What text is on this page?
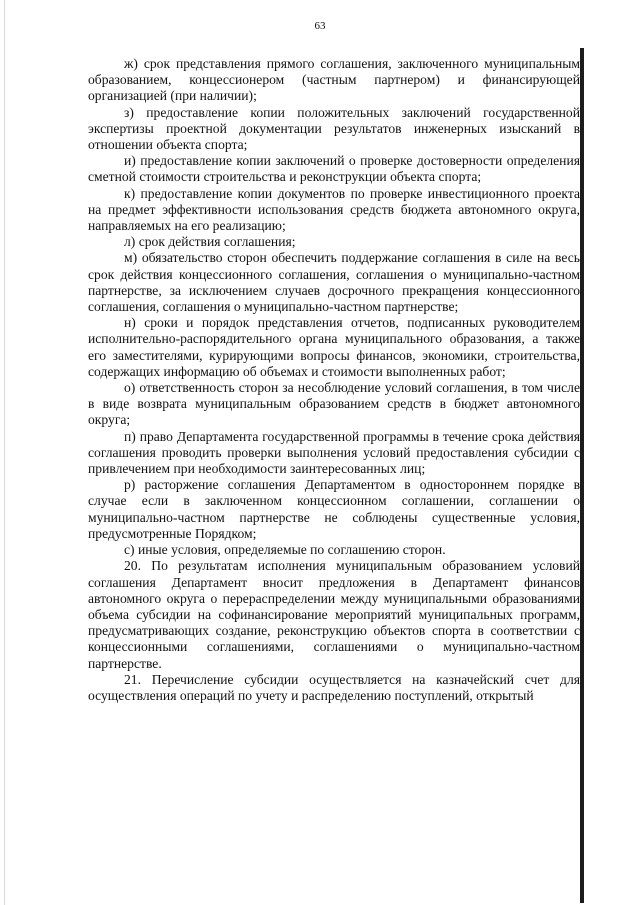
63

ж) срок представления прямого соглашения, заключенного муниципальным образованием, концессионером (частным партнером) и финансирующей организацией (при наличии);

з) предоставление копии положительных заключений государственной экспертизы проектной документации результатов инженерных изысканий в отношении объекта спорта;

и) предоставление копии заключений о проверке достоверности определения сметной стоимости строительства и реконструкции объекта спорта;

к) предоставление копии документов по проверке инвестиционного проекта на предмет эффективности использования средств бюджета автономного округа, направляемых на его реализацию;

л) срок действия соглашения;

м) обязательство сторон обеспечить поддержание соглашения в силе на весь срок действия концессионного соглашения, соглашения о муниципально-частном партнерстве, за исключением случаев досрочного прекращения концессионного соглашения, соглашения о муниципально-частном партнерстве;

н) сроки и порядок представления отчетов, подписанных руководителем исполнительно-распорядительного органа муниципального образования, а также его заместителями, курирующими вопросы финансов, экономики, строительства, содержащих информацию об объемах и стоимости выполненных работ;

о) ответственность сторон за несоблюдение условий соглашения, в том числе в виде возврата муниципальным образованием средств в бюджет автономного округа;

п) право Департамента государственной программы в течение срока действия соглашения проводить проверки выполнения условий предоставления субсидии с привлечением при необходимости заинтересованных лиц;

р) расторжение соглашения Департаментом в одностороннем порядке в случае если в заключенном концессионном соглашении, соглашении о муниципально-частном партнерстве не соблюдены существенные условия, предусмотренные Порядком;

с) иные условия, определяемые по соглашению сторон.

20. По результатам исполнения муниципальным образованием условий соглашения Департамент вносит предложения в Департамент финансов автономного округа о перераспределении между муниципальными образованиями объема субсидии на софинансирование мероприятий муниципальных программ, предусматривающих создание, реконструкцию объектов спорта в соответствии с концессионными соглашениями, соглашениями о муниципально-частном партнерстве.

21. Перечисление субсидии осуществляется на казначейский счет для осуществления операций по учету и распределению поступлений, открытый
